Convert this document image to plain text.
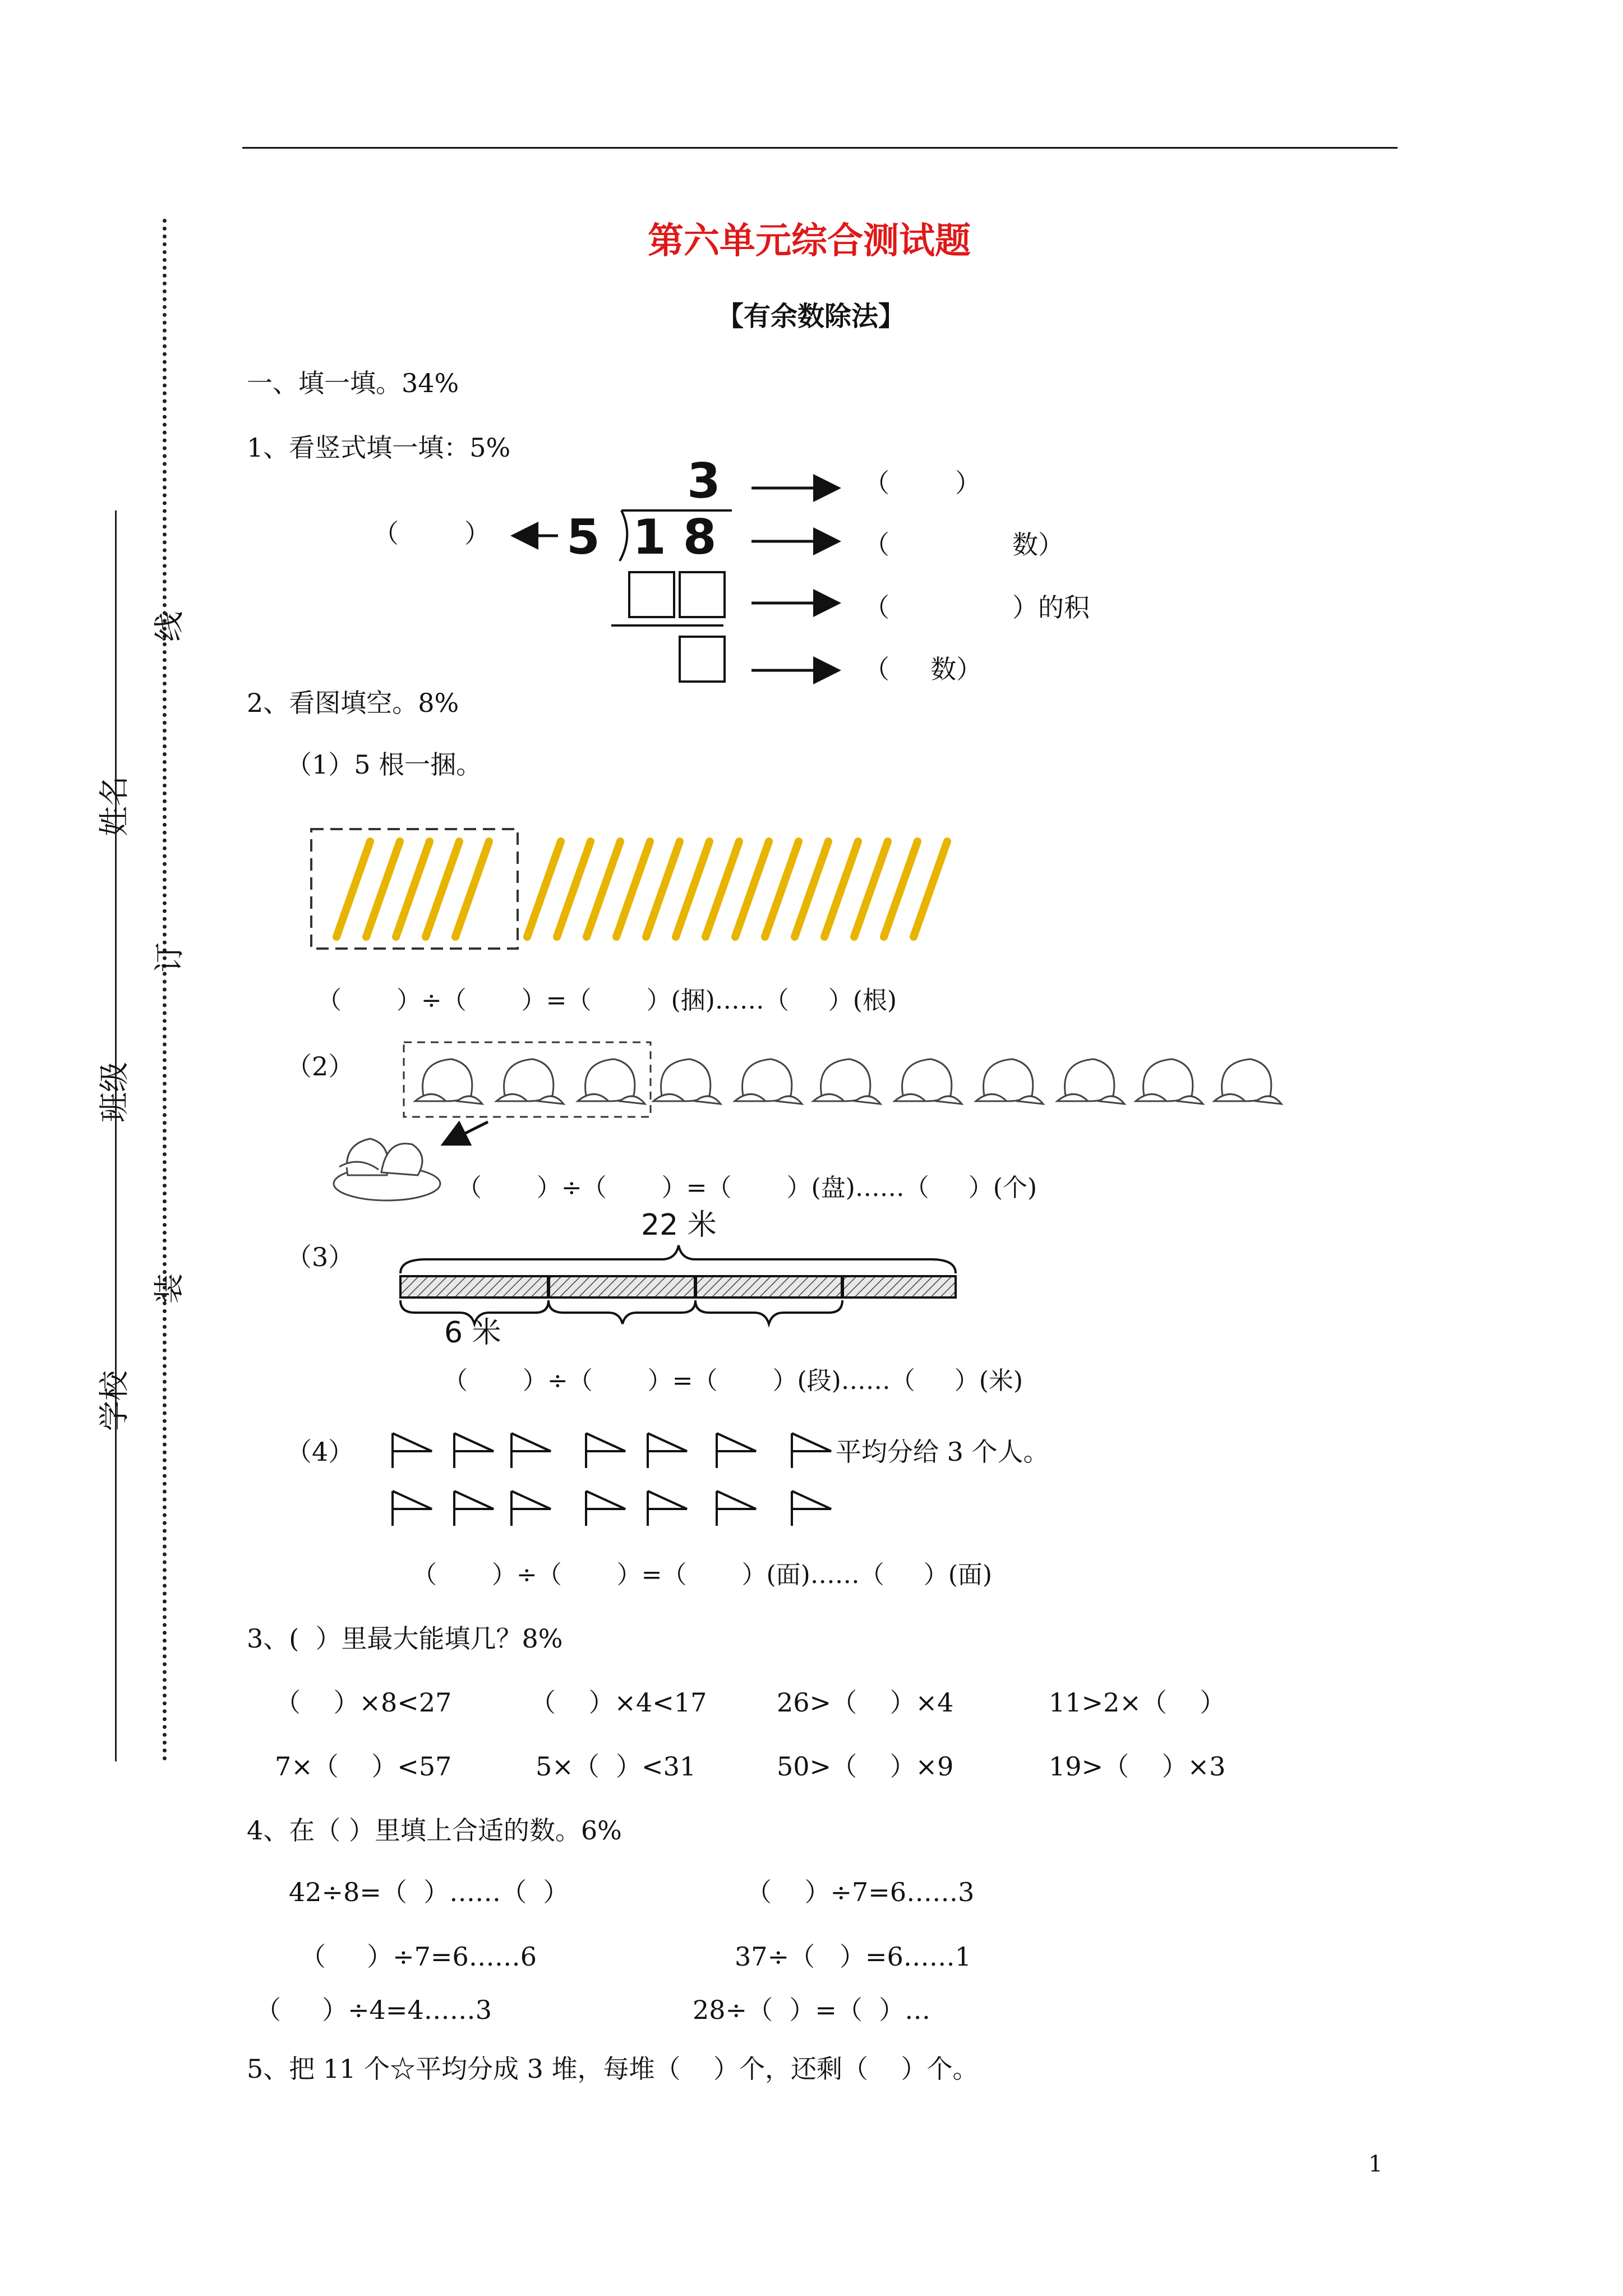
线
订
装
姓名
班级
学校
第六单元综合测试题
【有余数除法】
一、填一填。34%
1、看竖式填一填：5%
3
5 1 8
（        ）
（        ）
（	数）
（	）的积
（     数）
2、看图填空。8%
（1）5 根一捆。
（       ）÷（       ）=（       ）(捆)……（     ）(根)
（2）
（       ）÷（       ）=（       ）(盘)……（     ）(个)
（3）
22 米
6 米
（       ）÷（       ）=（       ）(段)……（     ）(米)
（4）	平均分给 3 个人。
（       ）÷（       ）=（       ）(面)……（     ）(面)
3、(  ）里最大能填几？8%
（    ）×8<27	（    ）×4<17	26>（    ）×4	11>2×（    ）
7×（    ）<57	5×（  ）<31	50>（    ）×9	19>（    ）×3
4、在（ ）里填上合适的数。6%
42÷8=（  ）……（  ）	（    ）÷7=6……3
（     ）÷7=6……6	37÷（   ）=6……1
（     ）÷4=4……3	28÷（  ）=（  ）…
5、把 11 个☆平均分成 3 堆，每堆（    ）个，还剩（    ）个。
1
